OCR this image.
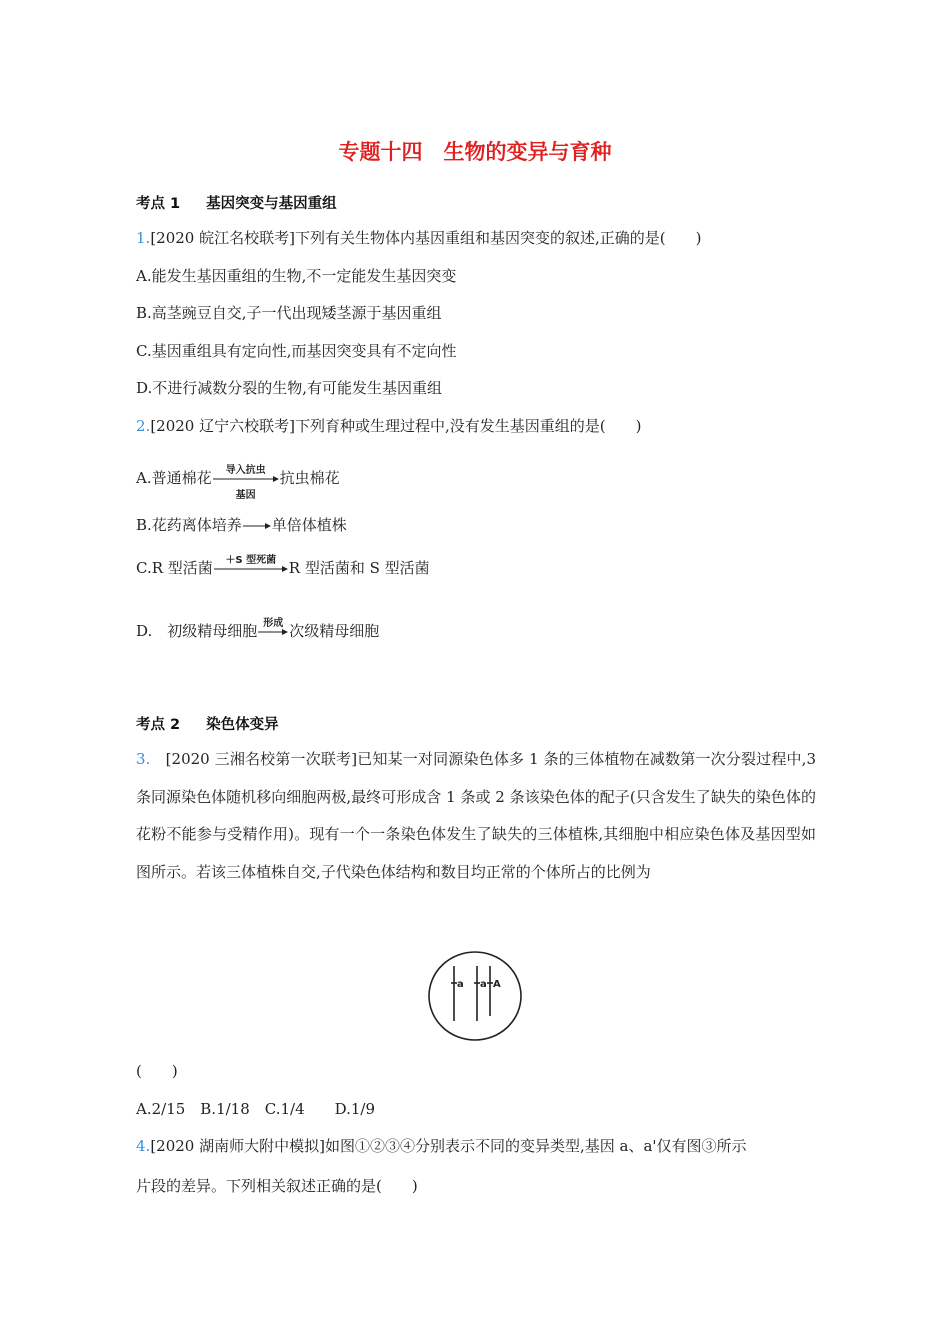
专题十四　生物的变异与育种
考点 1 基因突变与基因重组
1.[2020 皖江名校联考]下列有关生物体内基因重组和基因突变的叙述,正确的是(　　)
A.能发生基因重组的生物,不一定能发生基因突变
B.高茎豌豆自交,子一代出现矮茎源于基因重组
C.基因重组具有定向性,而基因突变具有不定向性
D.不进行减数分裂的生物,有可能发生基因重组
2.[2020 辽宁六校联考]下列育种或生理过程中,没有发生基因重组的是(　　)
A.普通棉花	导入抗虫
基因
抗虫棉花
B.花药离体培养→单倍体植株
C.R 型活菌	＋S 型死菌 R 型活菌和 S 型活菌
D.　初级精母细胞 形成 次级精母细胞
考点 2 染色体变异
3.　[2020 三湘名校第一次联考]已知某一对同源染色体多 1 条的三体植物在减数第一次分裂过程中,3 条同源染色体随机移向细胞两极,最终可形成含 1 条或 2 条该染色体的配子(只含发生了缺失的染色体的花粉不能参与受精作用)。现有一个一条染色体发生了缺失的三体植株,其细胞中相应染色体及基因型如图所示。若该三体植株自交,子代染色体结构和数目均正常的个体所占的比例为
a a A
(　　)
A.2/15　B.1/18　C.1/4　　D.1/9
4.[2020 湖南师大附中模拟]如图①②③④分别表示不同的变异类型,基因 a、a'仅有图③所示
片段的差异。下列相关叙述正确的是(　　)
